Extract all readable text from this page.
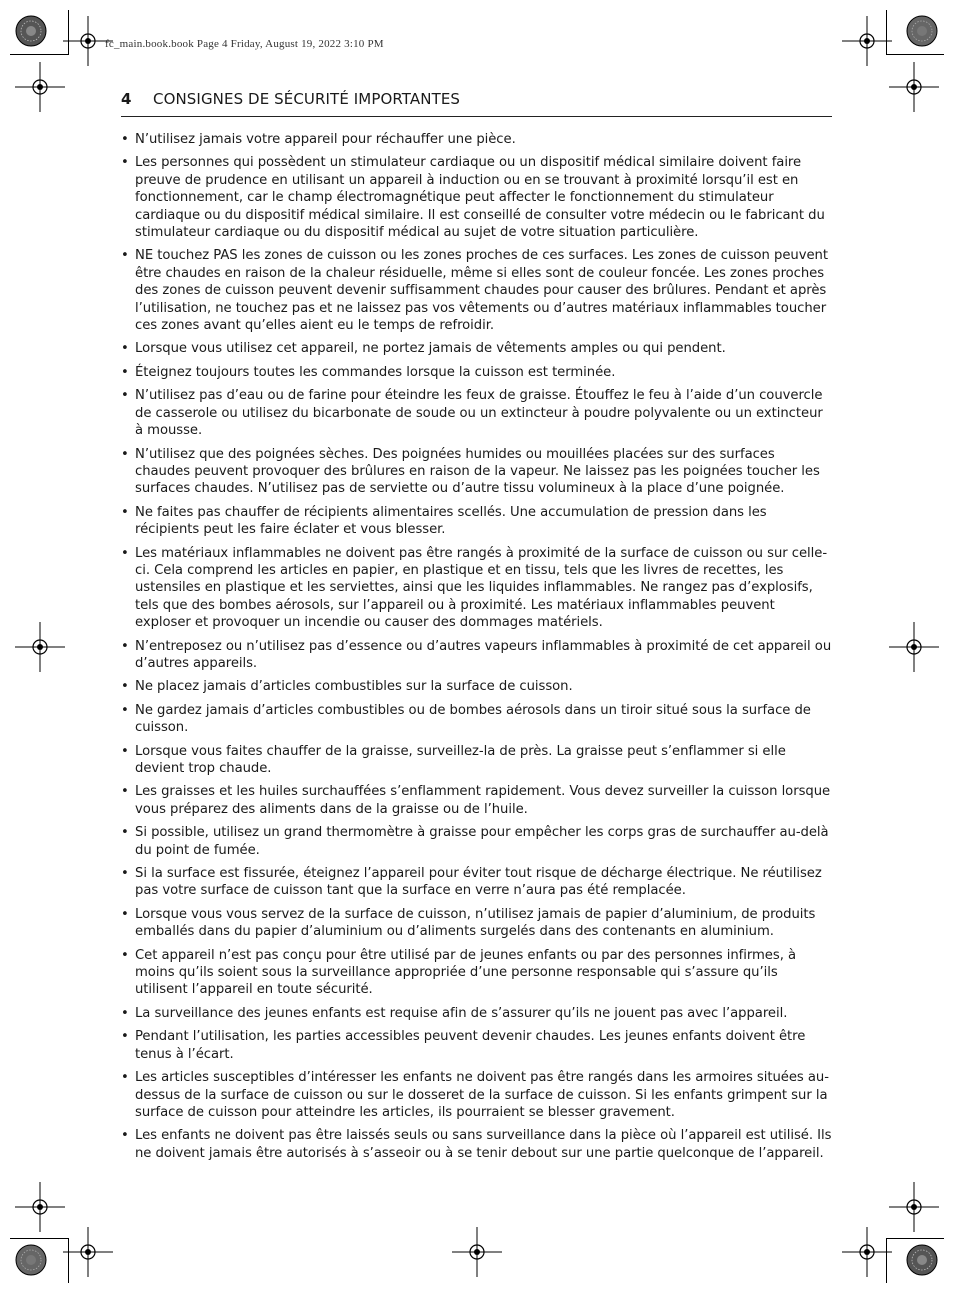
fc_main.book.book Page 4 Friday, August 19, 2022 3:10 PM
4 CONSIGNES DE SÉCURITÉ IMPORTANTES
• N’utilisez jamais votre appareil pour réchauffer une pièce.
• Les personnes qui possèdent un stimulateur cardiaque ou un dispositif médical similaire doivent faire preuve de prudence en utilisant un appareil à induction ou en se trouvant à proximité lorsqu’il est en fonctionnement, car le champ électromagnétique peut affecter le fonctionnement du stimulateur cardiaque ou du dispositif médical similaire. Il est conseillé de consulter votre médecin ou le fabricant du stimulateur cardiaque ou du dispositif médical au sujet de votre situation particulière.
• NE touchez PAS les zones de cuisson ou les zones proches de ces surfaces. Les zones de cuisson peuvent être chaudes en raison de la chaleur résiduelle, même si elles sont de couleur foncée. Les zones proches des zones de cuisson peuvent devenir suffisamment chaudes pour causer des brûlures. Pendant et après l’utilisation, ne touchez pas et ne laissez pas vos vêtements ou d’autres matériaux inflammables toucher ces zones avant qu’elles aient eu le temps de refroidir.
• Lorsque vous utilisez cet appareil, ne portez jamais de vêtements amples ou qui pendent.
• Éteignez toujours toutes les commandes lorsque la cuisson est terminée.
• N’utilisez pas d’eau ou de farine pour éteindre les feux de graisse. Étouffez le feu à l’aide d’un couvercle de casserole ou utilisez du bicarbonate de soude ou un extincteur à poudre polyvalente ou un extincteur à mousse.
• N’utilisez que des poignées sèches. Des poignées humides ou mouillées placées sur des surfaces chaudes peuvent provoquer des brûlures en raison de la vapeur. Ne laissez pas les poignées toucher les surfaces chaudes. N’utilisez pas de serviette ou d’autre tissu volumineux à la place d’une poignée.
• Ne faites pas chauffer de récipients alimentaires scellés. Une accumulation de pression dans les récipients peut les faire éclater et vous blesser.
• Les matériaux inflammables ne doivent pas être rangés à proximité de la surface de cuisson ou sur celle-ci. Cela comprend les articles en papier, en plastique et en tissu, tels que les livres de recettes, les ustensiles en plastique et les serviettes, ainsi que les liquides inflammables. Ne rangez pas d’explosifs, tels que des bombes aérosols, sur l’appareil ou à proximité. Les matériaux inflammables peuvent exploser et provoquer un incendie ou causer des dommages matériels.
• N’entreposez ou n’utilisez pas d’essence ou d’autres vapeurs inflammables à proximité de cet appareil ou d’autres appareils.
• Ne placez jamais d’articles combustibles sur la surface de cuisson.
• Ne gardez jamais d’articles combustibles ou de bombes aérosols dans un tiroir situé sous la surface de cuisson.
• Lorsque vous faites chauffer de la graisse, surveillez-la de près. La graisse peut s’enflammer si elle devient trop chaude.
• Les graisses et les huiles surchauffées s’enflamment rapidement. Vous devez surveiller la cuisson lorsque vous préparez des aliments dans de la graisse ou de l’huile.
• Si possible, utilisez un grand thermomètre à graisse pour empêcher les corps gras de surchauffer au-delà du point de fumée.
• Si la surface est fissurée, éteignez l’appareil pour éviter tout risque de décharge électrique. Ne réutilisez pas votre surface de cuisson tant que la surface en verre n’aura pas été remplacée.
• Lorsque vous vous servez de la surface de cuisson, n’utilisez jamais de papier d’aluminium, de produits emballés dans du papier d’aluminium ou d’aliments surgelés dans des contenants en aluminium.
• Cet appareil n’est pas conçu pour être utilisé par de jeunes enfants ou par des personnes infirmes, à moins qu’ils soient sous la surveillance appropriée d’une personne responsable qui s’assure qu’ils utilisent l’appareil en toute sécurité.
• La surveillance des jeunes enfants est requise afin de s’assurer qu’ils ne jouent pas avec l’appareil.
• Pendant l’utilisation, les parties accessibles peuvent devenir chaudes. Les jeunes enfants doivent être tenus à l’écart.
• Les articles susceptibles d’intéresser les enfants ne doivent pas être rangés dans les armoires situées au-dessus de la surface de cuisson ou sur le dosseret de la surface de cuisson. Si les enfants grimpent sur la surface de cuisson pour atteindre les articles, ils pourraient se blesser gravement.
• Les enfants ne doivent pas être laissés seuls ou sans surveillance dans la pièce où l’appareil est utilisé. Ils ne doivent jamais être autorisés à s’asseoir ou à se tenir debout sur une partie quelconque de l’appareil.
